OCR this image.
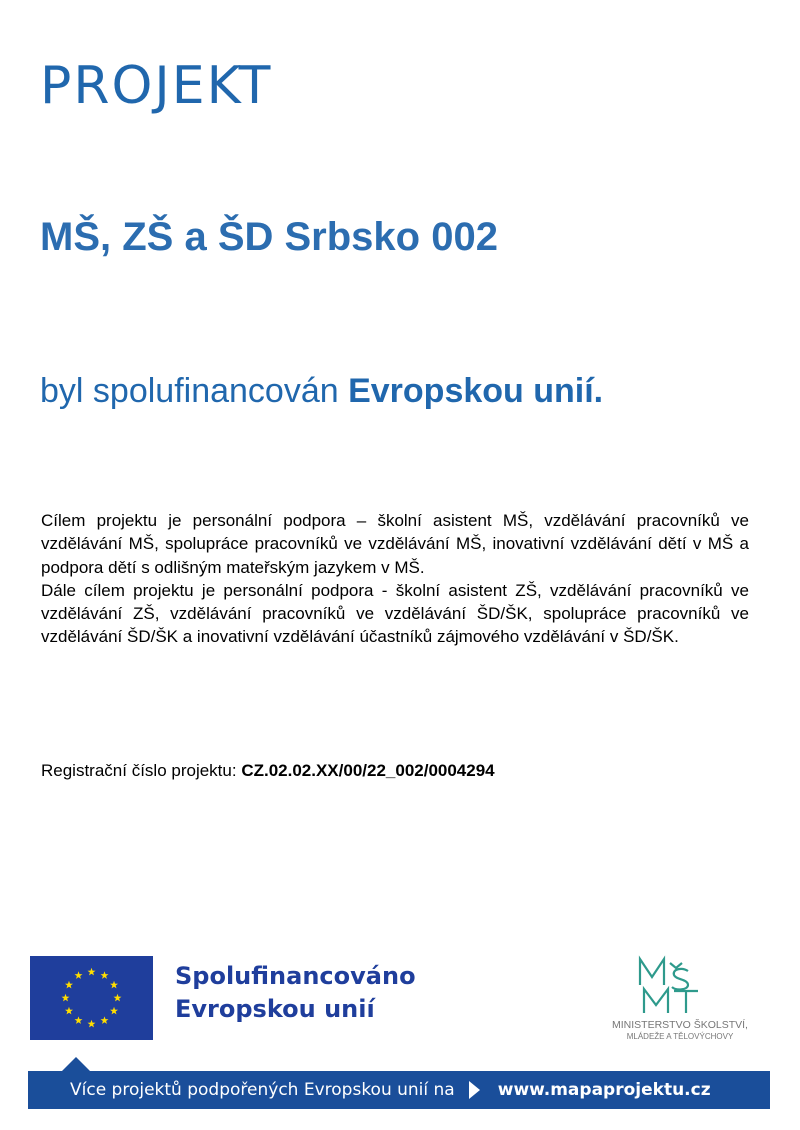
PROJEKT
MŠ, ZŠ a ŠD Srbsko 002
byl spolufinancován Evropskou unií.

Cílem projektu je personální podpora – školní asistent MŠ, vzdělávání pracovníků ve vzdělávání MŠ, spolupráce pracovníků ve vzdělávání MŠ, inovativní vzdělávání dětí v MŠ a podpora dětí s odlišným mateřským jazykem v MŠ.

Dále cílem projektu je personální podpora - školní asistent ZŠ, vzdělávání pracovníků ve vzdělávání ZŠ, vzdělávání pracovníků ve vzdělávání ŠD/ŠK, spolupráce pracovníků ve vzdělávání ŠD/ŠK a inovativní vzdělávání účastníků zájmového vzdělávání v ŠD/ŠK.

Registrační číslo projektu: CZ.02.02.XX/00/22_002/0004294
Spolufinancováno
Evropskou unií
MINISTERSTVO ŠKOLSTVÍ,
MLÁDEŽE A TĚLOVÝCHOVY
Více projektů podpořených Evropskou unií na	www.mapaprojektu.cz
